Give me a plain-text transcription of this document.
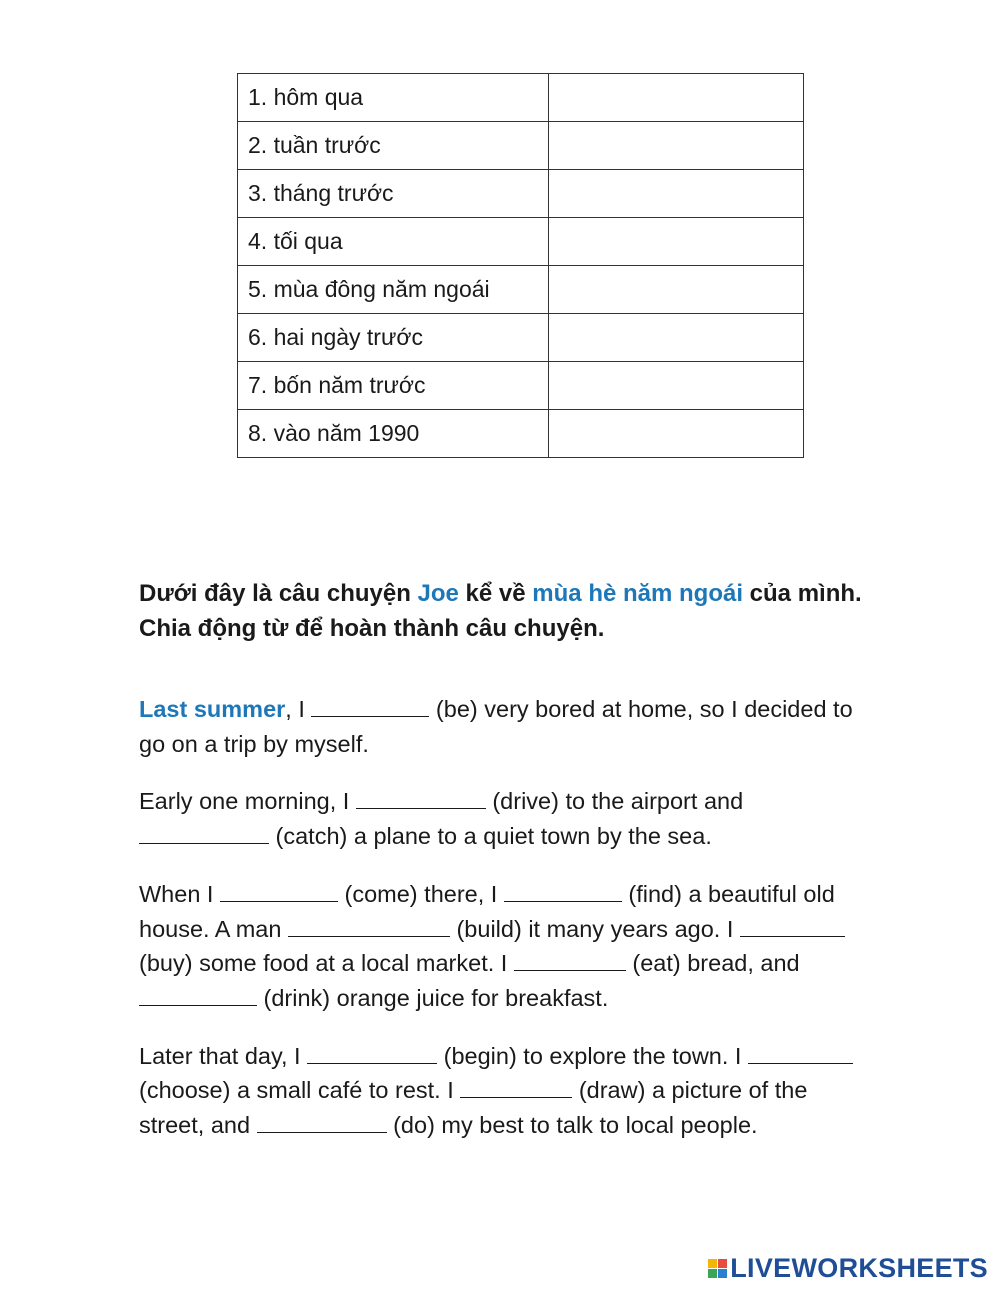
1. hôm qua	
2. tuần trước	
3. tháng trước	
4. tối qua	
5. mùa đông năm ngoái	
6. hai ngày trước	
7. bốn năm trước	
8. vào năm 1990	

Dưới đây là câu chuyện Joe kể về mùa hè năm ngoái của mình. Chia động từ để hoàn thành câu chuyện.

Last summer, I	(be) very bored at home, so I decided to go on a trip by myself.

Early one morning, I	(drive) to the airport and  (catch) a plane to a quiet town by the sea.

When I	(come) there, I	(find) a beautiful old house. A man	(build) it many years ago. I  (buy) some food at a local market. I	(eat) bread, and  (drink) orange juice for breakfast.

Later that day, I	(begin) to explore the town. I  (choose) a small café to rest. I	(draw) a picture of the street, and	(do) my best to talk to local people.

LIVEWORKSHEETS
